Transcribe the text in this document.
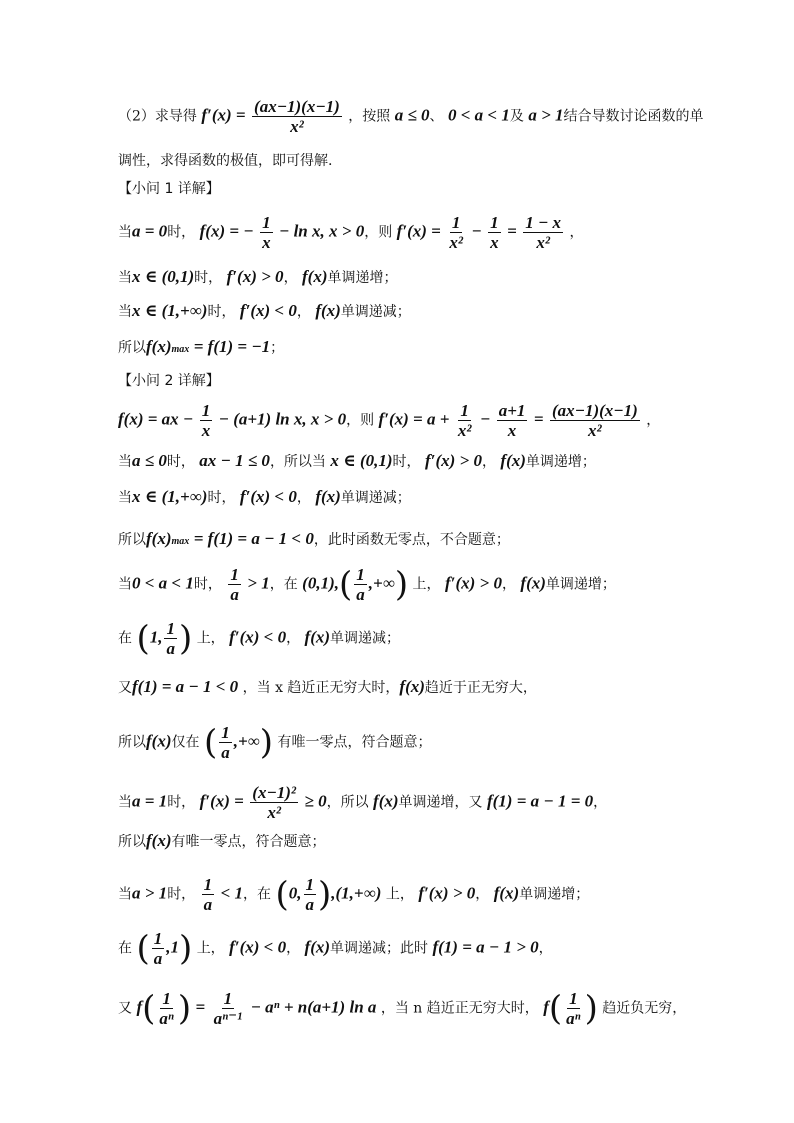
（2）求导得 $f'(x) = \frac{(ax-1)(x-1)}{\text{x²}}$ ，按照 a ≤ 0、 0 < a < 1及 a > 1结合导数讨论函数的单
调性，求得函数的极值，即可得解.
【小问 1 详解】
当a = 0时， f(x) = − $\frac{1}{x} - \ln x$, x > 0，则 $f'(x) = \frac{1}{\text{x²}} - \frac{1}{x} = \frac{1 - x}{\text{x²}}$ ，
当x ∈ (0,1)时， f′(x) > 0， f(x)单调递增；
当x ∈ (1,+∞)时， f′(x) < 0， f(x)单调递减；
所以f(x)max = f(1) = −1；
【小问 2 详解】
f(x) = ax − $\frac{1}{x} - (a+1)$ ln x, x > 0，则 $f'(x) = a + \frac{1}{\text{x²}} - \frac{a+1}{x} = \frac{(ax-1)(x-1)}{\text{x²}}$ ，
当a ≤ 0时， ax − 1 ≤ 0，所以当 x ∈ (0,1)时， f′(x) > 0， f(x)单调递增；
当x ∈ (1,+∞)时， f′(x) < 0， f(x)单调递减；
所以f(x)max = f(1) = a − 1 < 0，此时函数无零点，不合题意；
当0 < a < 1时， $\frac{1}{a} > 1$，在 $(0,1),( \frac{1}{a}$ ,+∞) 上， f′(x) > 0， f(x)单调递增；
在 (1, $\frac{1}{a}$ ) 上， f′(x) < 0， f(x)单调递减；
又f(1) = a − 1 < 0 ，当 x 趋近正无穷大时，f(x)趋近于正无穷大，
所以f(x)仅在 ( $\frac{1}{a}$ ,+∞) 有唯一零点，符合题意；
当a = 1时， $f'(x) = \frac{\text{(x−1)²}}{\text{x²}} \ge 0$，所以 f(x)单调递增，又 f(1) = a − 1 = 0，
所以f(x)有唯一零点，符合题意；
当a > 1时， $\frac{1}{a} < 1$，在 (0, $\frac{1}{a} ),(1,+\infty)$ 上， f′(x) > 0， f(x)单调递增；
在 ( $\frac{1}{a} ,1$) 上， f′(x) < 0， f(x)单调递减；此时 f(1) = a − 1 > 0，
又 $f( \frac{1}{\text{aⁿ}}$ ) = $\frac{1}{\text{aⁿ⁻¹}} - a^n + n(a+1)$ ln a ，当 n 趋近正无穷大时， $f( \frac{1}{\text{aⁿ}}$ ) 趋近负无穷，
